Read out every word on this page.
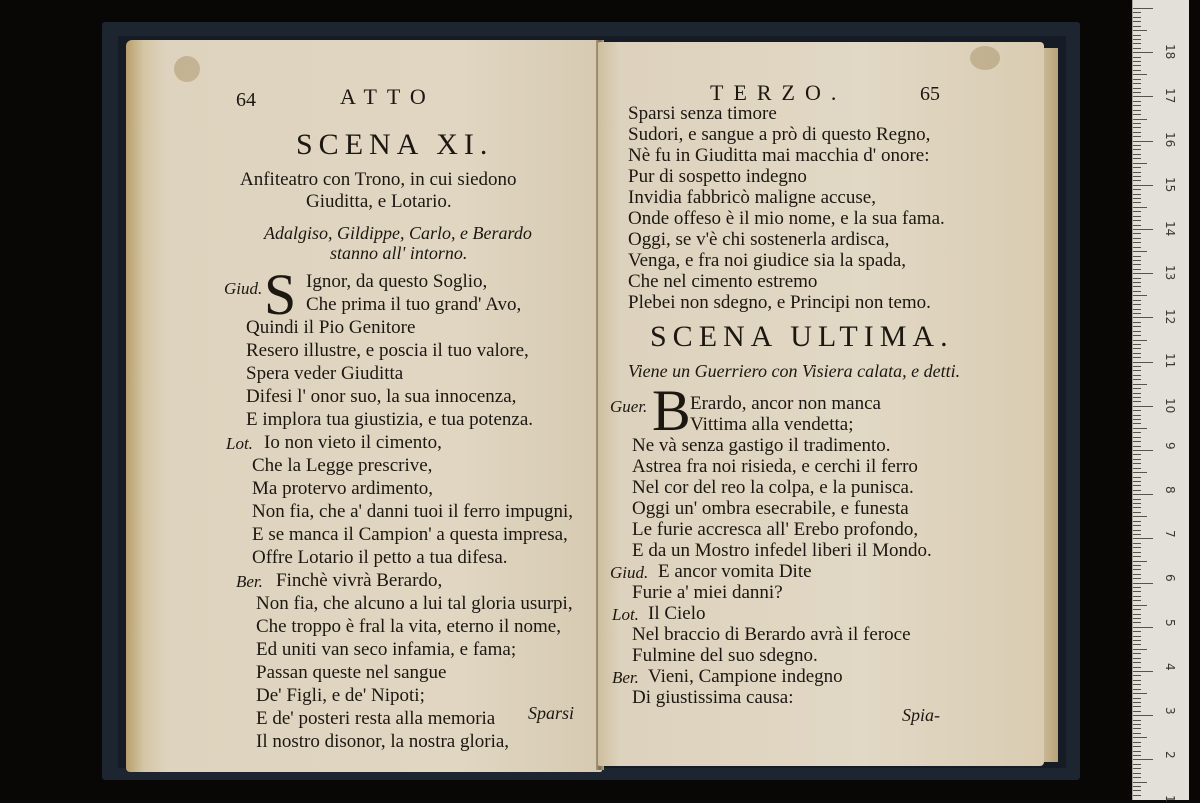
64	ATTO
SCENA XI.
Anfiteatro con Trono, in cui siedono
Giuditta, e Lotario.
Adalgiso, Gildippe, Carlo, e Berardo
stanno all' intorno.
Giud. S Ignor, da questo Soglio,
Che prima il tuo grand' Avo,
Quindi il Pio Genitore
Resero illustre, e poscia il tuo valore,
Spera veder Giuditta
Difesi l' onor suo, la sua innocenza,
E implora tua giustizia, e tua potenza.
Lot. Io non vieto il cimento,
Che la Legge prescrive,
Ma protervo ardimento,
Non fia, che a' danni tuoi il ferro impugni,
E se manca il Campion' a questa impresa,
Offre Lotario il petto a tua difesa.
Ber. Finchè vivrà Berardo,
Non fia, che alcuno a lui tal gloria usurpi,
Che troppo è fral la vita, eterno il nome,
Ed uniti van seco infamia, e fama;
Passan queste nel sangue
De' Figli, e de' Nipoti;
E de' posteri resta alla memoria
Il nostro disonor, la nostra gloria,
Sparsi
TERZO.	65
Sparsi senza timore
Sudori, e sangue a prò di questo Regno,
Nè fu in Giuditta mai macchia d' onore:
Pur di sospetto indegno
Invidia fabbricò maligne accuse,
Onde offeso è il mio nome, e la sua fama.
Oggi, se v'è chi sostenerla ardisca,
Venga, e fra noi giudice sia la spada,
Che nel cimento estremo
Plebei non sdegno, e Principi non temo.
SCENA ULTIMA.
Viene un Guerriero con Visiera calata, e detti.
Guer. B Erardo, ancor non manca
Vittima alla vendetta;
Ne và senza gastigo il tradimento.
Astrea fra noi risieda, e cerchi il ferro
Nel cor del reo la colpa, e la punisca.
Oggi un' ombra esecrabile, e funesta
Le furie accresca all' Erebo profondo,
E da un Mostro infedel liberi il Mondo.
Giud. E ancor vomita Dite
Furie a' miei danni?
Lot. Il Cielo
Nel braccio di Berardo avrà il feroce
Fulmine del suo sdegno.
Ber. Vieni, Campione indegno
Di giustissima causa:
Spia-
18
17
16
15
14
13
12
11
10
9
8
7
6
5
4
3
2
1
